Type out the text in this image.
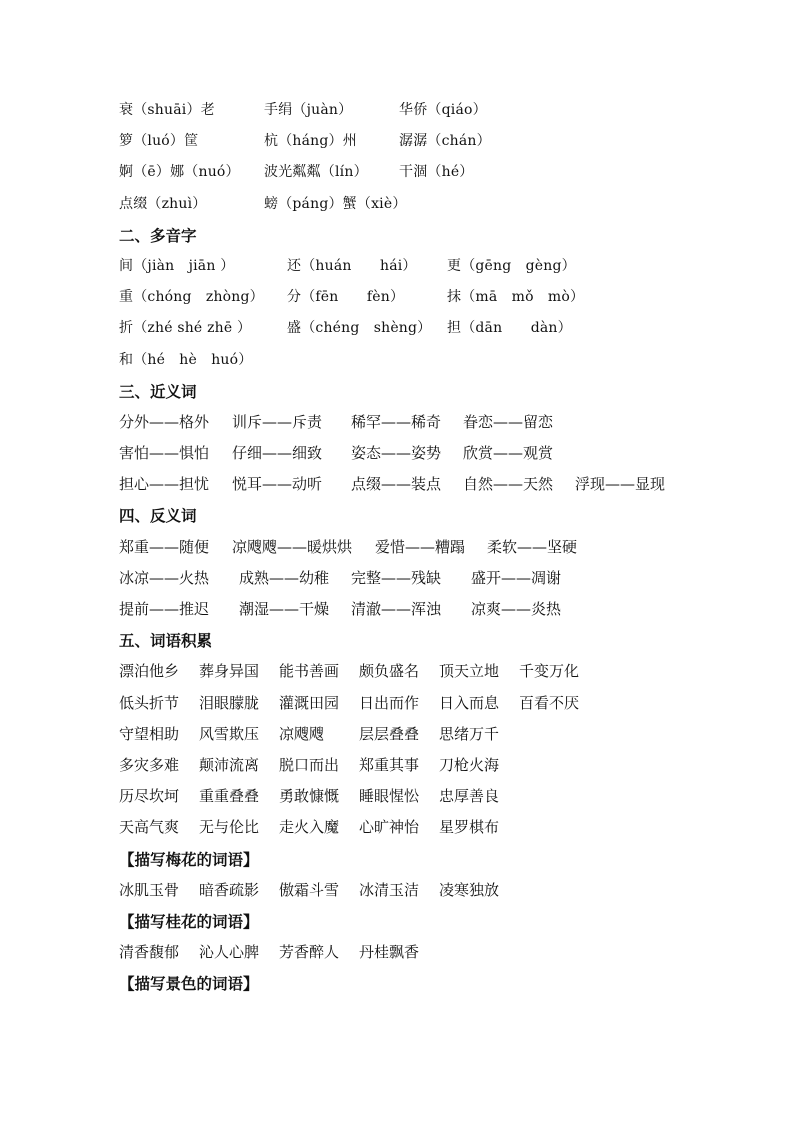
衰（shuāi）老	手绢（juàn）	华侨（qiáo）
箩（luó）筐	杭（háng）州	潺潺（chán）
婀（ē）娜（nuó） 波光粼粼（lín） 干涸（hé）
点缀（zhuì）	螃（páng）蟹（xiè）
二、多音字
间（jiàn　jiān ）	还（huán　　hái） 更（gēng　gèng）
重（chóng　zhòng） 分（fēn　　fèn）	抹（mā　mǒ　mò）
折（zhé shé zhē ）	盛（chéng　shèng） 担（dān　　dàn）
和（hé　hè　huó）
三、近义词
分外——格外 训斥——斥责 稀罕——稀奇 眷恋——留恋
害怕——惧怕 仔细——细致 姿态——姿势 欣赏——观赏
担心——担忧 悦耳——动听 点缀——装点 自然——天然 浮现——显现
四、反义词
郑重——随便 凉飕飕——暖烘烘 爱惜——糟蹋 柔软——坚硬
冰凉——火热 成熟——幼稚 完整——残缺 盛开——凋谢
提前——推迟 潮湿——干燥 清澈——浑浊 凉爽——炎热
五、词语积累
漂泊他乡 葬身异国 能书善画 颇负盛名 顶天立地 千变万化
低头折节 泪眼朦胧 灌溉田园 日出而作 日入而息 百看不厌
守望相助 风雪欺压 凉飕飕 层层叠叠 思绪万千
多灾多难 颠沛流离 脱口而出 郑重其事 刀枪火海
历尽坎坷 重重叠叠 勇敢慷慨 睡眼惺忪 忠厚善良
天高气爽 无与伦比 走火入魔 心旷神怡 星罗棋布
【描写梅花的词语】
冰肌玉骨 暗香疏影 傲霜斗雪 冰清玉洁 凌寒独放
【描写桂花的词语】
清香馥郁 沁人心脾 芳香醉人 丹桂飘香
【描写景色的词语】
